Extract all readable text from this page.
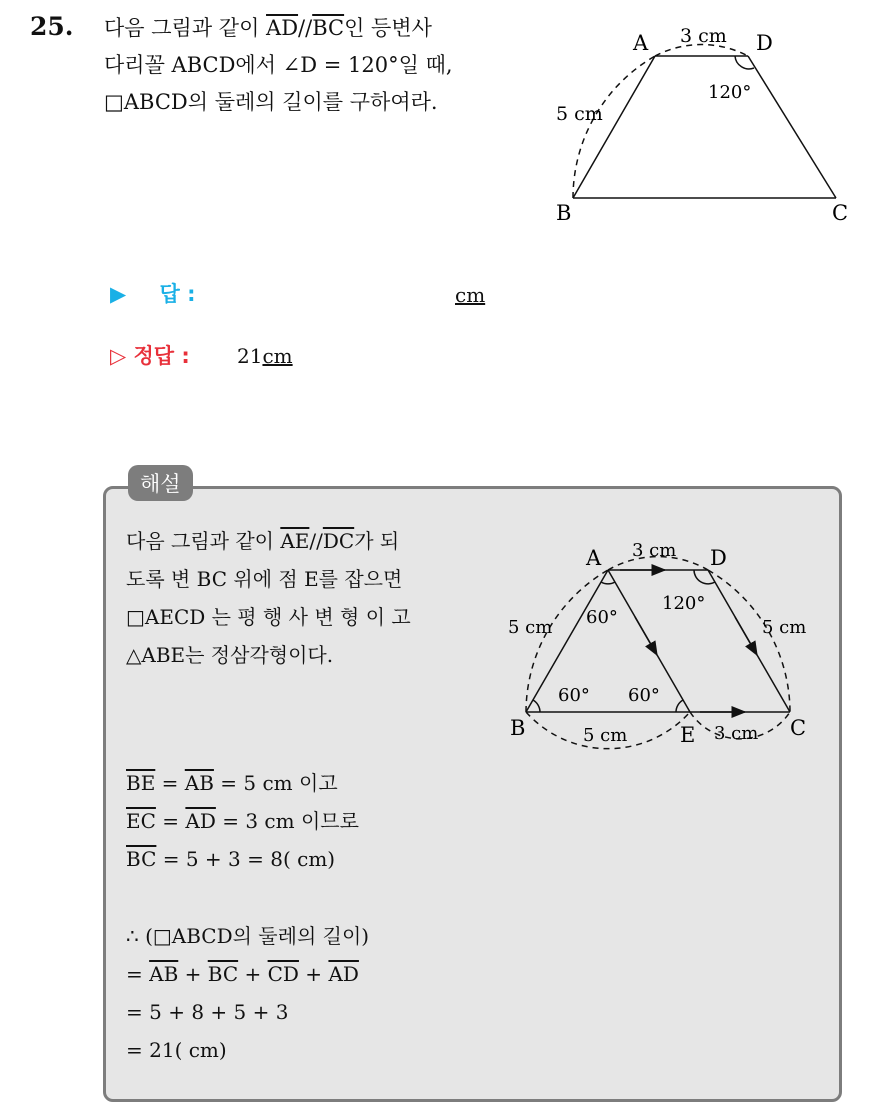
25. 다음 그림과 같이 $\overline{AD}//\overline{BC}$인 등변사
다리꼴 ABCD에서 ∠D = 120°일 때,
□ABCD의 둘레의 길이를 구하여라.
A	D
B	C
3 cm
5 cm
120°
▶ 답 :	cm
▷ 정답 : 21cm
해설
다음 그림과 같이 $\overline{AE}//\overline{DC}$가 되
도록 변 BC 위에 점 E를 잡으면
□AECD 는 평 행 사 변 형 이 고
△ABE는 정삼각형이다.
A	D
B	E	C
3 cm
5 cm	5 cm
5 cm	3 cm
60°
60° 60°
120°
$\overline{BE} = \overline{AB} = 5$ cm 이고
$\overline{EC} = \overline{AD} = 3$ cm 이므로
$\overline{BC} = 5 + 3 = 8$( cm)
∴ (□ABCD의 둘레의 길이)
= $\overline{AB} + \overline{BC} + \overline{CD} + \overline{AD}$
= 5 + 8 + 5 + 3
= 21( cm)
